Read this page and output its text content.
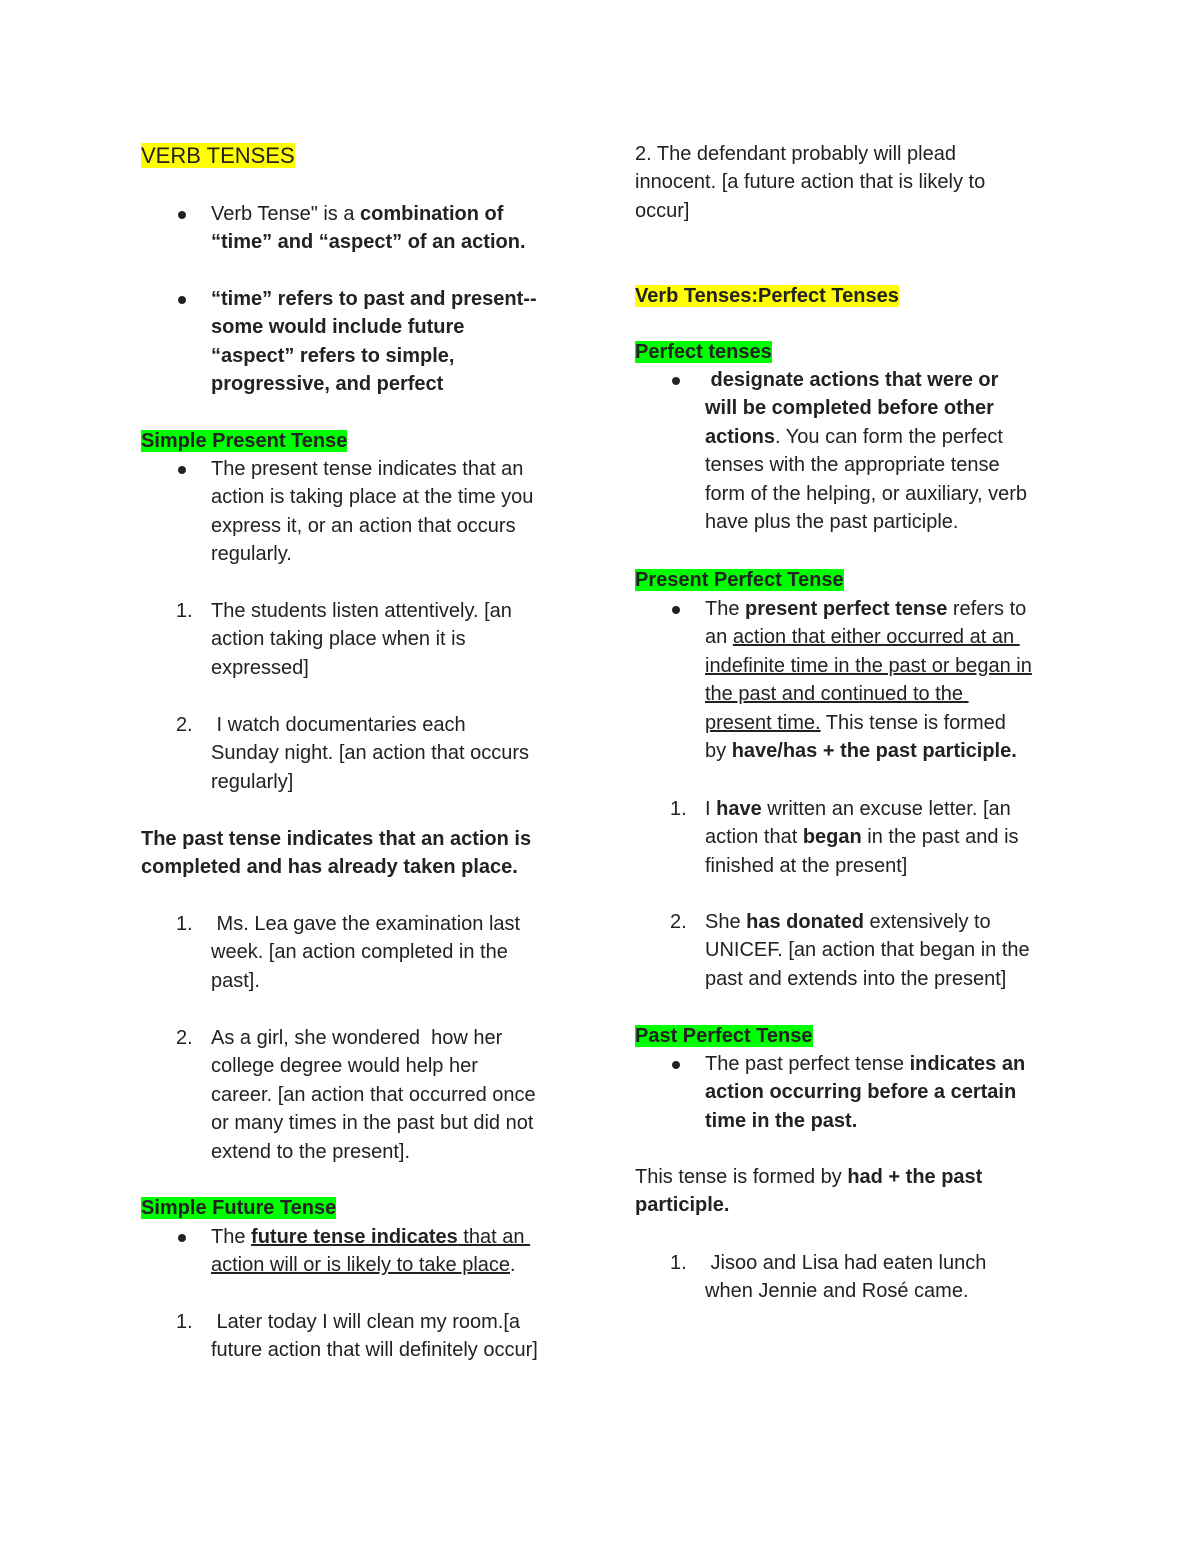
VERB TENSES
Verb Tense" is a combination of
“time” and “aspect” of an action.
“time” refers to past and present--
some would include future
“aspect” refers to simple,
progressive, and perfect
Simple Present Tense
The present tense indicates that an
action is taking place at the time you
express it, or an action that occurs
regularly.
1. The students listen attentively. [an
action taking place when it is
expressed]
2. I watch documentaries each
Sunday night. [an action that occurs
regularly]
The past tense indicates that an action is
completed and has already taken place.
1. Ms. Lea gave the examination last
week. [an action completed in the
past].
2. As a girl, she wondered  how her
college degree would help her
career. [an action that occurred once
or many times in the past but did not
extend to the present].
Simple Future Tense
The future tense indicates that an
action will or is likely to take place.
1. Later today I will clean my room.[a
future action that will definitely occur]
2. The defendant probably will plead
innocent. [a future action that is likely to
occur]
Verb Tenses:Perfect Tenses
Perfect tenses
designate actions that were or
will be completed before other
actions. You can form the perfect
tenses with the appropriate tense
form of the helping, or auxiliary, verb
have plus the past participle.
Present Perfect Tense
The present perfect tense refers to
an action that either occurred at an
indefinite time in the past or began in
the past and continued to the
present time. This tense is formed
by have/has + the past participle.
1. I have written an excuse letter. [an
action that began in the past and is
finished at the present]
2. She has donated extensively to
UNICEF. [an action that began in the
past and extends into the present]
Past Perfect Tense
The past perfect tense indicates an
action occurring before a certain
time in the past.
This tense is formed by had + the past
participle.
1. Jisoo and Lisa had eaten lunch
when Jennie and Rosé came.
